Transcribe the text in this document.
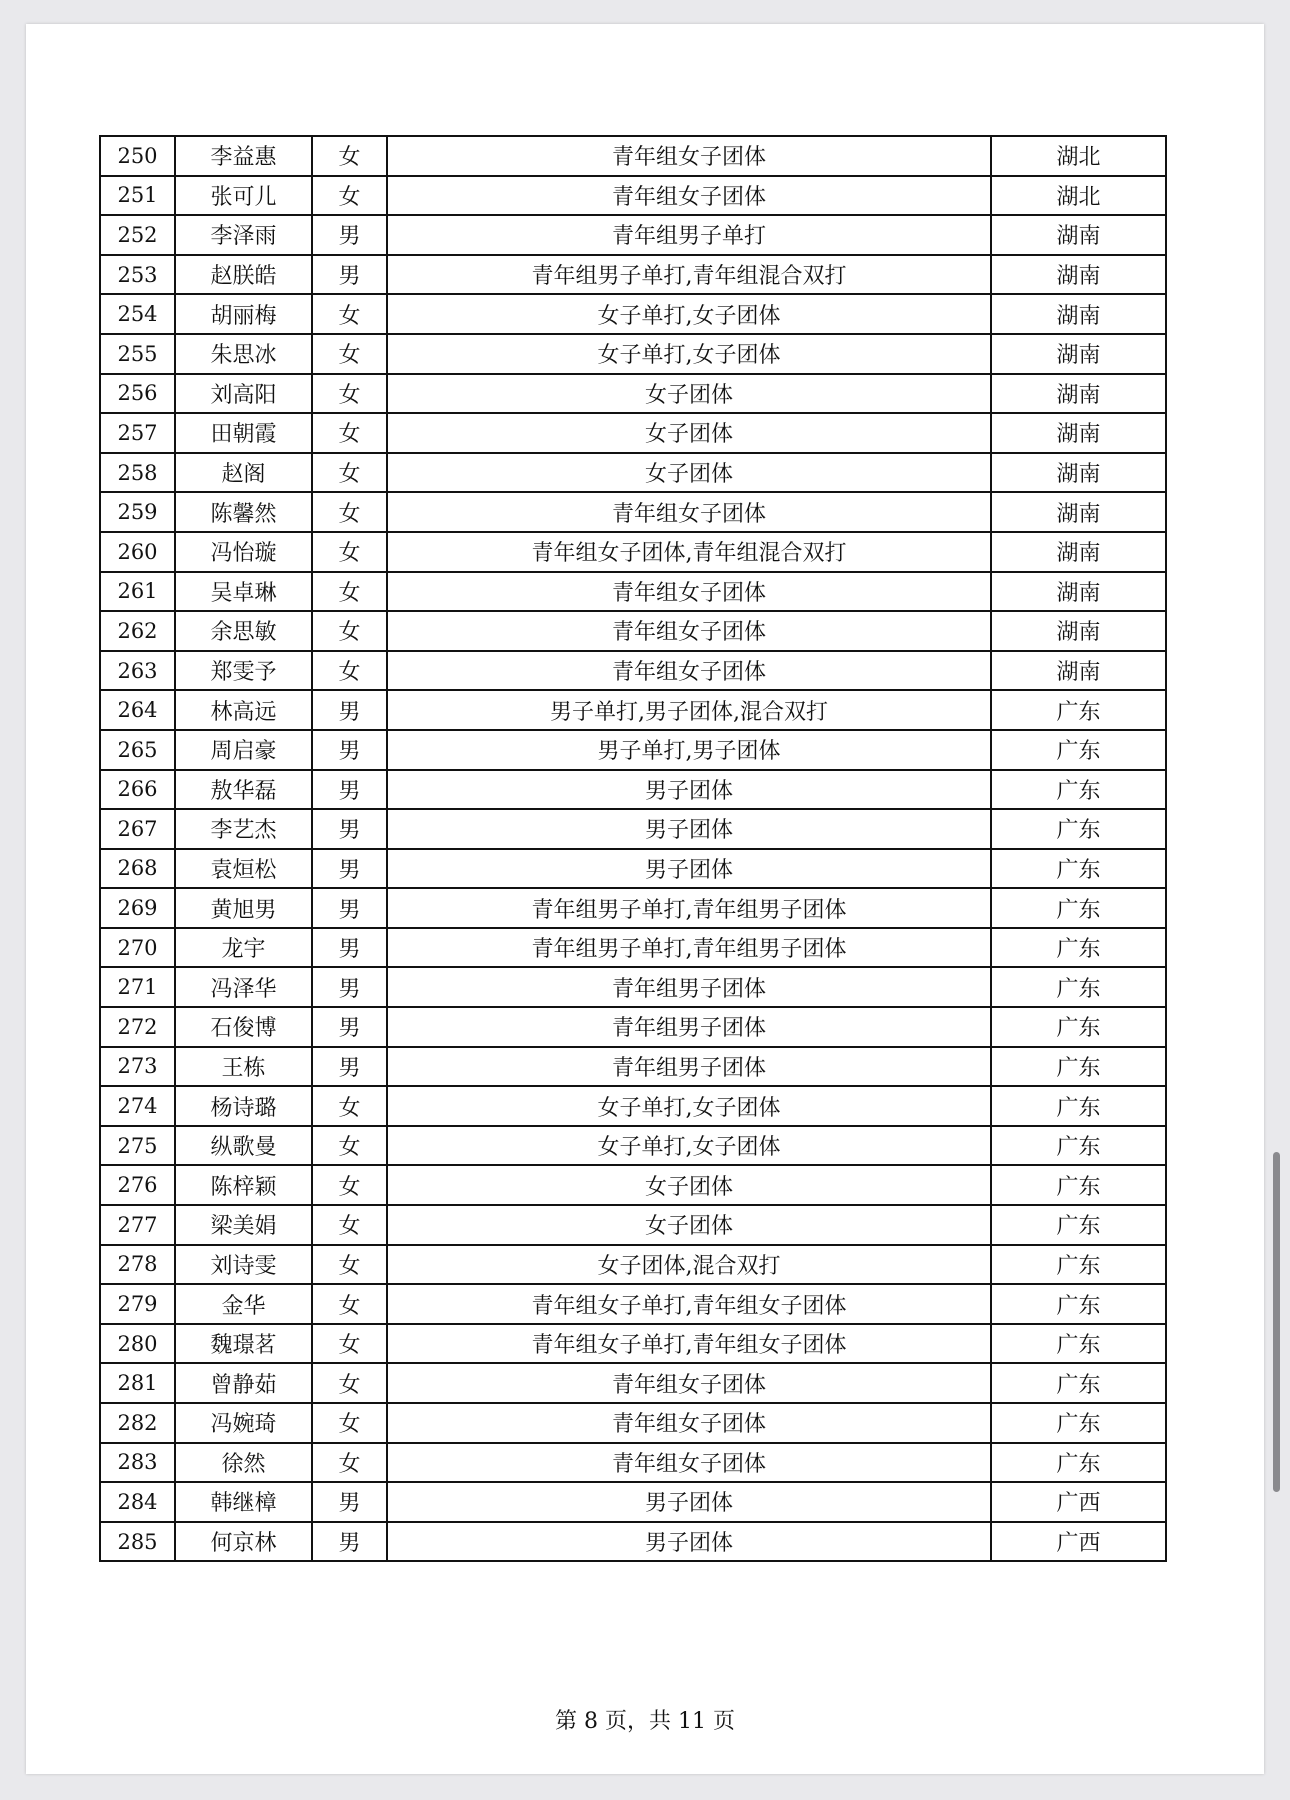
250	李益惠	女	青年组女子团体	湖北
251	张可儿	女	青年组女子团体	湖北
252	李泽雨	男	青年组男子单打	湖南
253	赵朕皓	男	青年组男子单打,青年组混合双打	湖南
254	胡丽梅	女	女子单打,女子团体	湖南
255	朱思冰	女	女子单打,女子团体	湖南
256	刘高阳	女	女子团体	湖南
257	田朝霞	女	女子团体	湖南
258	赵阁	女	女子团体	湖南
259	陈馨然	女	青年组女子团体	湖南
260	冯怡璇	女	青年组女子团体,青年组混合双打	湖南
261	吴卓琳	女	青年组女子团体	湖南
262	余思敏	女	青年组女子团体	湖南
263	郑雯予	女	青年组女子团体	湖南
264	林高远	男	男子单打,男子团体,混合双打	广东
265	周启豪	男	男子单打,男子团体	广东
266	敖华磊	男	男子团体	广东
267	李艺杰	男	男子团体	广东
268	袁烜松	男	男子团体	广东
269	黄旭男	男	青年组男子单打,青年组男子团体	广东
270	龙宇	男	青年组男子单打,青年组男子团体	广东
271	冯泽华	男	青年组男子团体	广东
272	石俊博	男	青年组男子团体	广东
273	王栋	男	青年组男子团体	广东
274	杨诗璐	女	女子单打,女子团体	广东
275	纵歌曼	女	女子单打,女子团体	广东
276	陈梓颖	女	女子团体	广东
277	梁美娟	女	女子团体	广东
278	刘诗雯	女	女子团体,混合双打	广东
279	金华	女	青年组女子单打,青年组女子团体	广东
280	魏璟茗	女	青年组女子单打,青年组女子团体	广东
281	曾静茹	女	青年组女子团体	广东
282	冯婉琦	女	青年组女子团体	广东
283	徐然	女	青年组女子团体	广东
284	韩继樟	男	男子团体	广西
285	何京林	男	男子团体	广西
第 8 页，共 11 页
